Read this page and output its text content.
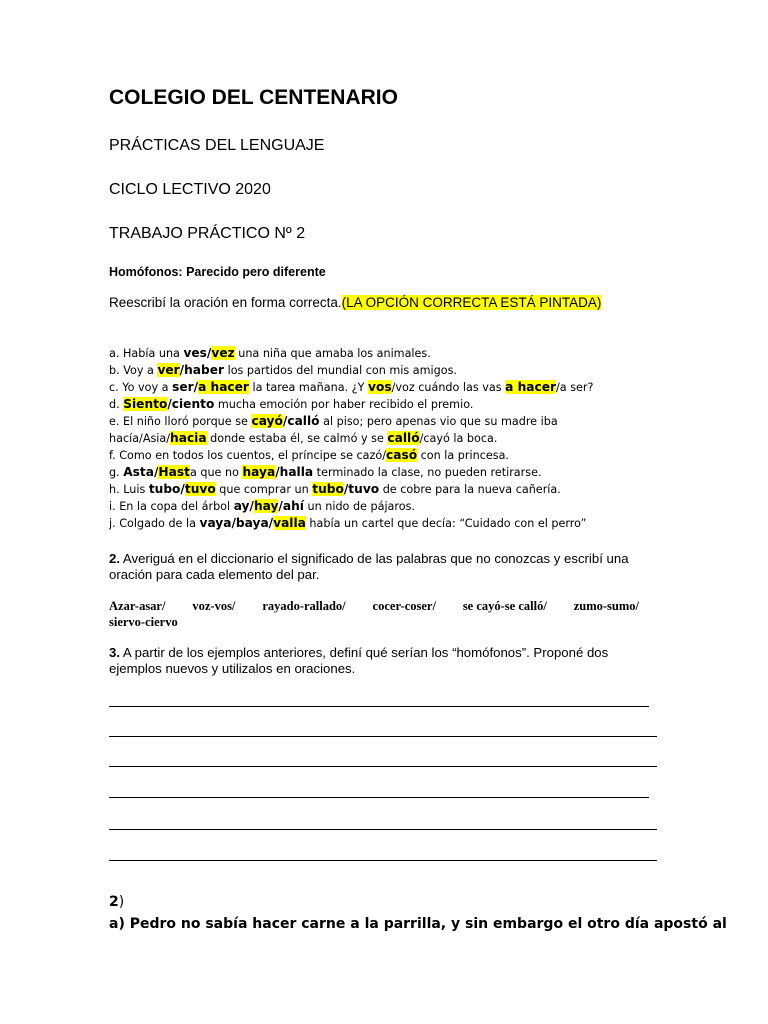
COLEGIO DEL CENTENARIO
PRÁCTICAS DEL LENGUAJE
CICLO LECTIVO 2020
TRABAJO PRÁCTICO Nº 2
Homófonos: Parecido pero diferente
Reescribí la oración en forma correcta.(LA OPCIÓN CORRECTA ESTÁ PINTADA)
a. Había una ves/vez una niña que amaba los animales.
b. Voy a ver/haber los partidos del mundial con mis amigos.
c. Yo voy a ser/a hacer la tarea mañana. ¿Y vos/voz cuándo las vas a hacer/a ser?
d. Siento/ciento mucha emoción por haber recibido el premio.
e. El niño lloró porque se cayó/calló al piso; pero apenas vio que su madre iba
hacía/Asia/hacia donde estaba él, se calmó y se calló/cayó la boca.
f. Como en todos los cuentos, el príncipe se cazó/casó con la princesa.
g. Asta/Hasta que no haya/halla terminado la clase, no pueden retirarse.
h. Luis tubo/tuvo que comprar un tubo/tuvo de cobre para la nueva cañería.
i. En la copa del árbol ay/hay/ahí un nido de pájaros.
j. Colgado de la vaya/baya/valla había un cartel que decía: “Cuidado con el perro”
2. Averiguá en el diccionario el significado de las palabras que no conozcas y escribí una oración para cada elemento del par.
Azar-asar/ voz-vos/ rayado-rallado/ cocer-coser/ se cayó-se calló/ zumo-sumo/
siervo-ciervo
3. A partir de los ejemplos anteriores, definí qué serían los “homófonos”. Proponé dos ejemplos nuevos y utilizalos en oraciones.
2)
a) Pedro no sabía hacer carne a la parrilla, y sin embargo el otro día apostó al
